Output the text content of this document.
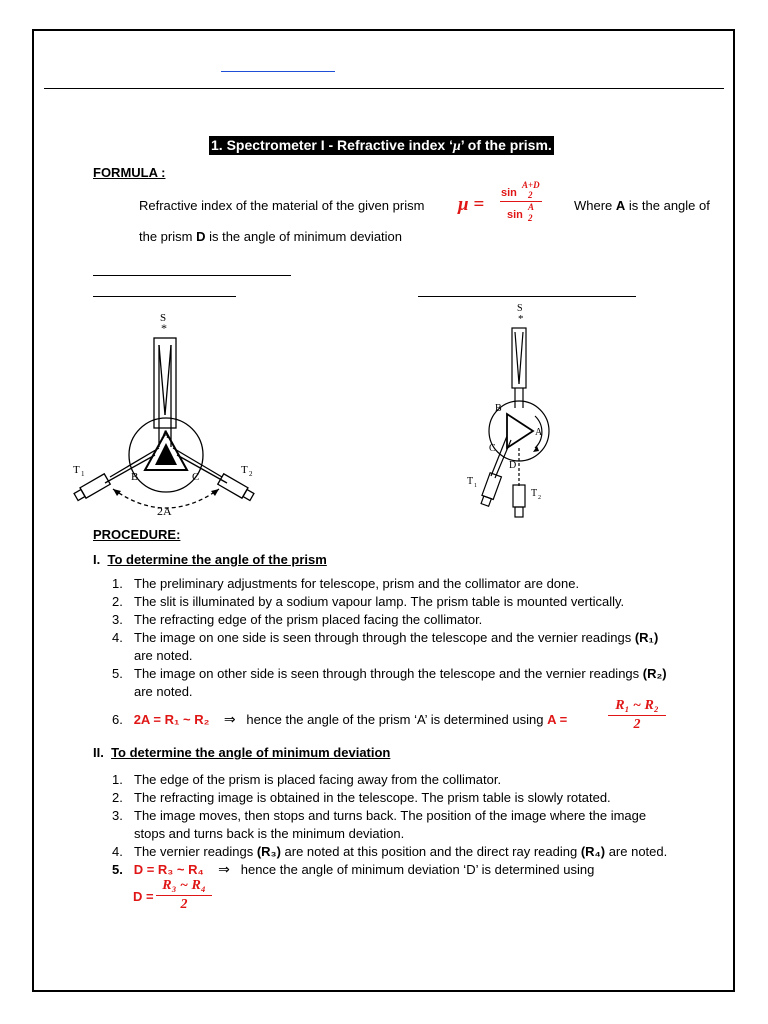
1. Spectrometer I - Refractive index ‘μ’ of the prism.
FORMULA :
Refractive index of the material of the given prism μ = sin
A+D
2
sin
A
2 Where A is the angle of
the prism D is the angle of minimum deviation
S
*
A
B	C
T 1	T 2
2A
S
*
B
A
C
D
T 1
T 2
PROCEDURE:
I. To determine the angle of the prism
1. The preliminary adjustments for telescope, prism and the collimator are done.
2. The slit is illuminated by a sodium vapour lamp. The prism table is mounted vertically.
3. The refracting edge of the prism placed facing the collimator.
4. The image on one side is seen through through the telescope and the vernier readings (R₁)
are noted.
5. The image on other side is seen through through the telescope and the vernier readings (R₂)
are noted.
6. 2A = R₁ ~ R₂ ⇒ hence the angle of the prism ‘A’ is determined using A =
R₁ ~ R₂
2
II. To determine the angle of minimum deviation
1. The edge of the prism is placed facing away from the collimator.
2. The refracting image is obtained in the telescope. The prism table is slowly rotated.
3. The image moves, then stops and turns back. The position of the image where the image
stops and turns back is the minimum deviation.
4. The vernier readings (R₃) are noted at this position and the direct ray reading (R₄) are noted.
5. D = R₃ ~ R₄ ⇒ hence the angle of minimum deviation ‘D’ is determined using
D =
R₃ ~ R₄
2
